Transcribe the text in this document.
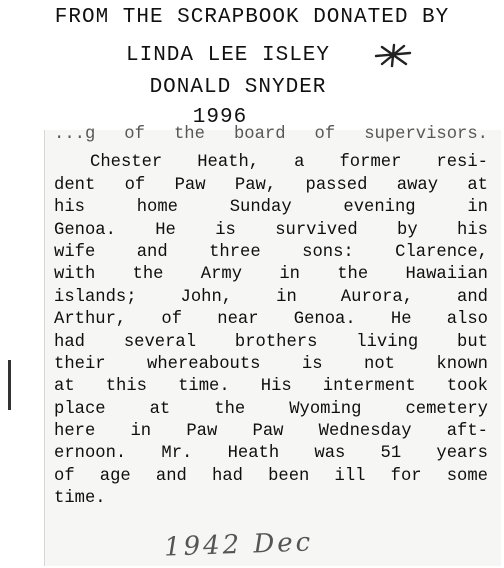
FROM THE SCRAPBOOK DONATED BY
LINDA LEE ISLEY
DONALD SNYDER
1996
...g of the board of supervisors.
Chester Heath, a former resi-
dent of Paw Paw, passed away at
his home Sunday evening in
Genoa. He is survived by his
wife and three sons: Clarence,
with the Army in the Hawaiian
islands; John, in Aurora, and
Arthur, of near Genoa. He also
had several brothers living but
their whereabouts is not known
at this time. His interment took
place at the Wyoming cemetery
here in Paw Paw Wednesday aft-
ernoon. Mr. Heath was 51 years
of age and had been ill for some
time.
1942 Dec
